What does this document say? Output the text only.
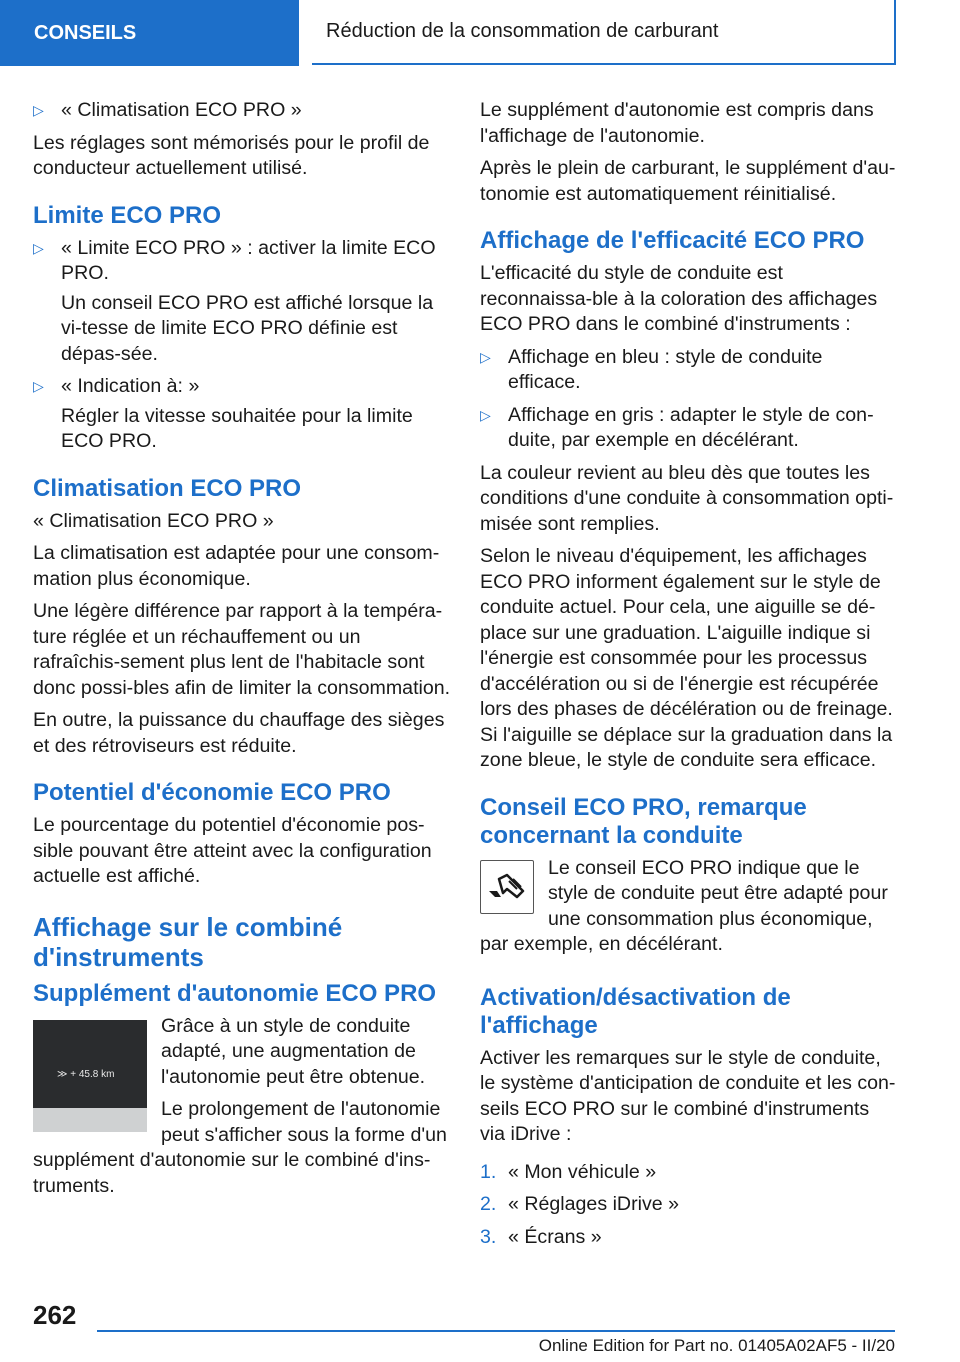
CONSEILS	Réduction de la consommation de carburant
▷ « Climatisation ECO PRO »

Les réglages sont mémorisés pour le profil de conducteur actuellement utilisé.

Limite ECO PRO
▷ « Limite ECO PRO » : activer la limite ECO PRO.
Un conseil ECO PRO est affiché lorsque la vi-tesse de limite ECO PRO définie est dépas-sée.
▷ « Indication à: »
Régler la vitesse souhaitée pour la limite ECO PRO.
Climatisation ECO PRO

« Climatisation ECO PRO »

La climatisation est adaptée pour une consom-mation plus économique.

Une légère différence par rapport à la tempéra-ture réglée et un réchauffement ou un rafraîchis-sement plus lent de l'habitacle sont donc possi-bles afin de limiter la consommation.

En outre, la puissance du chauffage des sièges et des rétroviseurs est réduite.

Potentiel d'économie ECO PRO

Le pourcentage du potentiel d'économie pos-sible pouvant être atteint avec la configuration actuelle est affiché.

Affichage sur le combiné d'instruments
Supplément d'autonomie ECO PRO
≫ + 45.8 km

Grâce à un style de conduite adapté, une augmentation de l'autonomie peut être obtenue.

Le prolongement de l'autonomie peut s'afficher sous la forme d'un supplément d'autonomie sur le combiné d'ins-truments.

Le supplément d'autonomie est compris dans l'affichage de l'autonomie.

Après le plein de carburant, le supplément d'au-tonomie est automatiquement réinitialisé.

Affichage de l'efficacité ECO PRO

L'efficacité du style de conduite est reconnaissa-ble à la coloration des affichages ECO PRO dans le combiné d'instruments :

▷ Affichage en bleu : style de conduite efficace.
▷ Affichage en gris : adapter le style de con-duite, par exemple en décélérant.

La couleur revient au bleu dès que toutes les conditions d'une conduite à consommation opti-misée sont remplies.

Selon le niveau d'équipement, les affichages ECO PRO informent également sur le style de conduite actuel. Pour cela, une aiguille se dé-place sur une graduation. L'aiguille indique si l'énergie est consommée pour les processus d'accélération ou si de l'énergie est récupérée lors des phases de décélération ou de freinage. Si l'aiguille se déplace sur la graduation dans la zone bleue, le style de conduite sera efficace.

Conseil ECO PRO, remarque concernant la conduite

Le conseil ECO PRO indique que le style de conduite peut être adapté pour une consommation plus économique, par exemple, en décélérant.

Activation/désactivation de l'affichage

Activer les remarques sur le style de conduite, le système d'anticipation de conduite et les con-seils ECO PRO sur le combiné d'instruments via iDrive :

1. « Mon véhicule »
2. « Réglages iDrive »
3. « Écrans »
262
Online Edition for Part no. 01405A02AF5 - II/20
